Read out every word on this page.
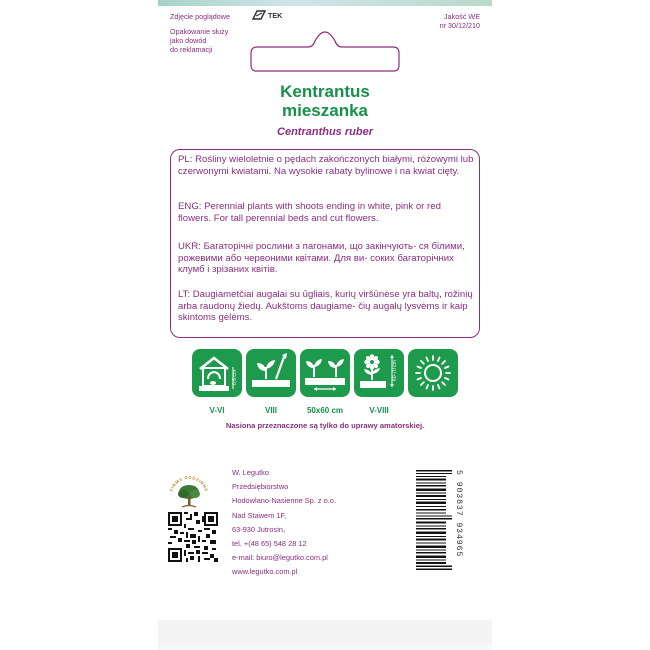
Zdjęcie poglądowe	TEK	Jakość WE
nr 30/12/210
Opakowanie służy
jako dowód
do reklamacji
Kentrantus
mieszanka
Centranthus ruber
PL: Rośliny wieloletnie o pędach zakończonych białymi, różowymi lub czerwonymi kwiatami. Na wysokie rabaty bylinowe i na kwiat cięty.
ENG: Perennial plants with shoots ending in white, pink or red flowers. For tall perennial beds and cut flowers.
UKR: Багаторічні рослини з пагонами, що закінчують- ся білими, рожевими або червоними квітами. Для ви- соких багаторічних клумб і зрізаних квітів.
LT: Daugiametčiai augalai su ūgliais, kurių viršūnėse yra baltų, rožinių arba raudonų žiedų. Aukštoms daugiame- čių augalų lysvėms ir kaip skintoms gėlėms.
0,5 cm	60-70 cm
V-VI	VIII	50x60 cm	V-VIII
Nasiona przeznaczone są tylko do uprawy amatorskiej.
FIRMA RODZINNA
W. Legutko
Przedsiębiorstwo
Hodowlano-Nasienne Sp. z o.o.
Nad Stawem 1F,
63-930 Jutrosin,
tel. +(48 65) 548 28 12
e-mail: biuro@legutko.com.pl
www.legutko.com.pl
5 903837 934965
